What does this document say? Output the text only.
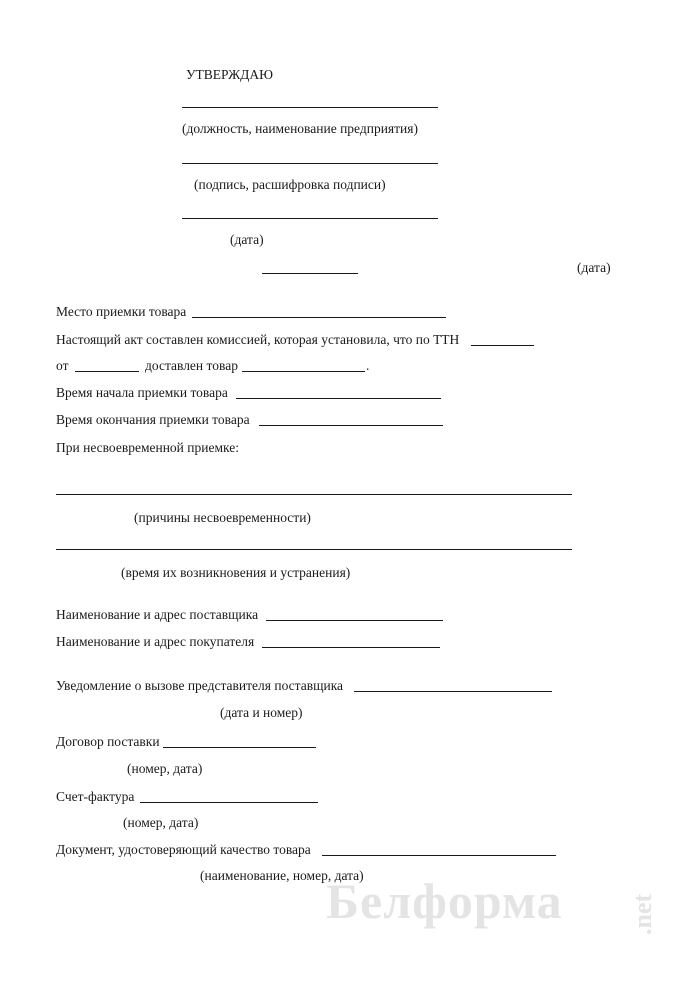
УТВЕРЖДАЮ
(должность, наименование предприятия)
(подпись, расшифровка подписи)
(дата)
(дата)
Место приемки товара
Настоящий акт составлен комиссией, которая установила, что по ТТН
от	доставлен товар	.
Время начала приемки товара
Время окончания приемки товара
При несвоевременной приемке:
(причины несвоевременности)
(время их возникновения и устранения)
Наименование и адрес поставщика
Наименование и адрес покупателя
Уведомление о вызове представителя поставщика
(дата и номер)
Договор поставки
(номер, дата)
Счет-фактура
(номер, дата)
Документ, удостоверяющий качество товара
(наименование, номер, дата)
Белформа	.net
